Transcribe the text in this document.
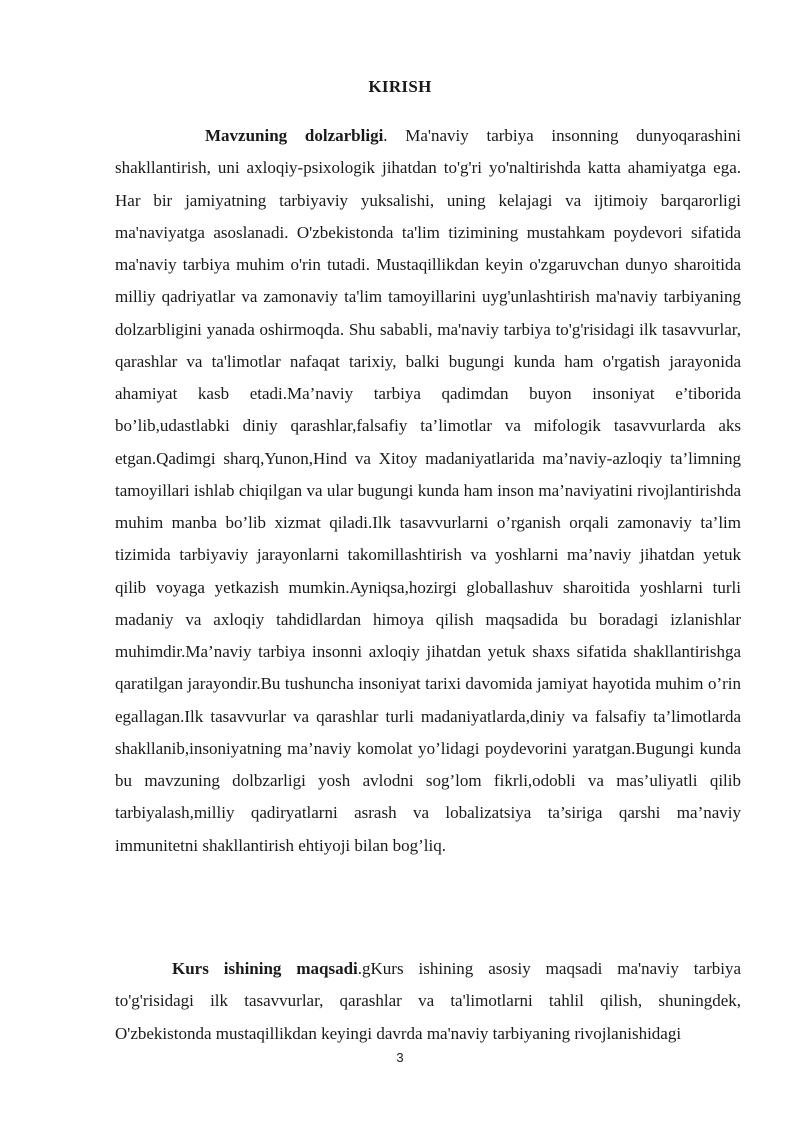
KIRISH

Mavzuning dolzarbligi. Ma'naviy tarbiya insonning dunyoqarashini shakllantirish, uni axloqiy-psixologik jihatdan to'g'ri yo'naltirishda katta ahamiyatga ega. Har bir jamiyatning tarbiyaviy yuksalishi, uning kelajagi va ijtimoiy barqarorligi ma'naviyatga asoslanadi. O'zbekistonda ta'lim tizimining mustahkam poydevori sifatida ma'naviy tarbiya muhim o'rin tutadi. Mustaqillikdan keyin o'zgaruvchan dunyo sharoitida milliy qadriyatlar va zamonaviy ta'lim tamoyillarini uyg'unlashtirish ma'naviy tarbiyaning dolzarbligini yanada oshirmoqda. Shu sababli, ma'naviy tarbiya to'g'risidagi ilk tasavvurlar, qarashlar va ta'limotlar nafaqat tarixiy, balki bugungi kunda ham o'rgatish jarayonida ahamiyat kasb etadi.Ma’naviy tarbiya qadimdan buyon insoniyat e’tiborida bo’lib,udastlabki diniy qarashlar,falsafiy ta’limotlar va mifologik tasavvurlarda aks etgan.Qadimgi sharq,Yunon,Hind va Xitoy madaniyatlarida ma’naviy-azloqiy ta’limning tamoyillari ishlab chiqilgan va ular bugungi kunda ham inson ma’naviyatini rivojlantirishda muhim manba bo’lib xizmat qiladi.Ilk tasavvurlarni o’rganish orqali zamonaviy ta’lim tizimida tarbiyaviy jarayonlarni takomillashtirish va yoshlarni ma’naviy jihatdan yetuk qilib voyaga yetkazish mumkin.Ayniqsa,hozirgi globallashuv sharoitida yoshlarni turli madaniy va axloqiy tahdidlardan himoya qilish maqsadida bu boradagi izlanishlar muhimdir.Ma’naviy tarbiya insonni axloqiy jihatdan yetuk shaxs sifatida shakllantirishga qaratilgan jarayondir.Bu tushuncha insoniyat tarixi davomida jamiyat hayotida muhim o’rin egallagan.Ilk tasavvurlar va qarashlar turli madaniyatlarda,diniy va falsafiy ta’limotlarda shakllanib,insoniyatning ma’naviy komolat yo’lidagi poydevorini yaratgan.Bugungi kunda bu mavzuning dolbzarligi yosh avlodni sog’lom fikrli,odobli va mas’uliyatli qilib tarbiyalash,milliy qadiryatlarni asrash va lobalizatsiya ta’siriga qarshi ma’naviy immunitetni shakllantirish ehtiyoji bilan bog’liq.

Kurs ishining maqsadi.gKurs ishining asosiy maqsadi ma'naviy tarbiya to'g'risidagi ilk tasavvurlar, qarashlar va ta'limotlarni tahlil qilish, shuningdek, O'zbekistonda mustaqillikdan keyingi davrda ma'naviy tarbiyaning rivojlanishidagi

3
